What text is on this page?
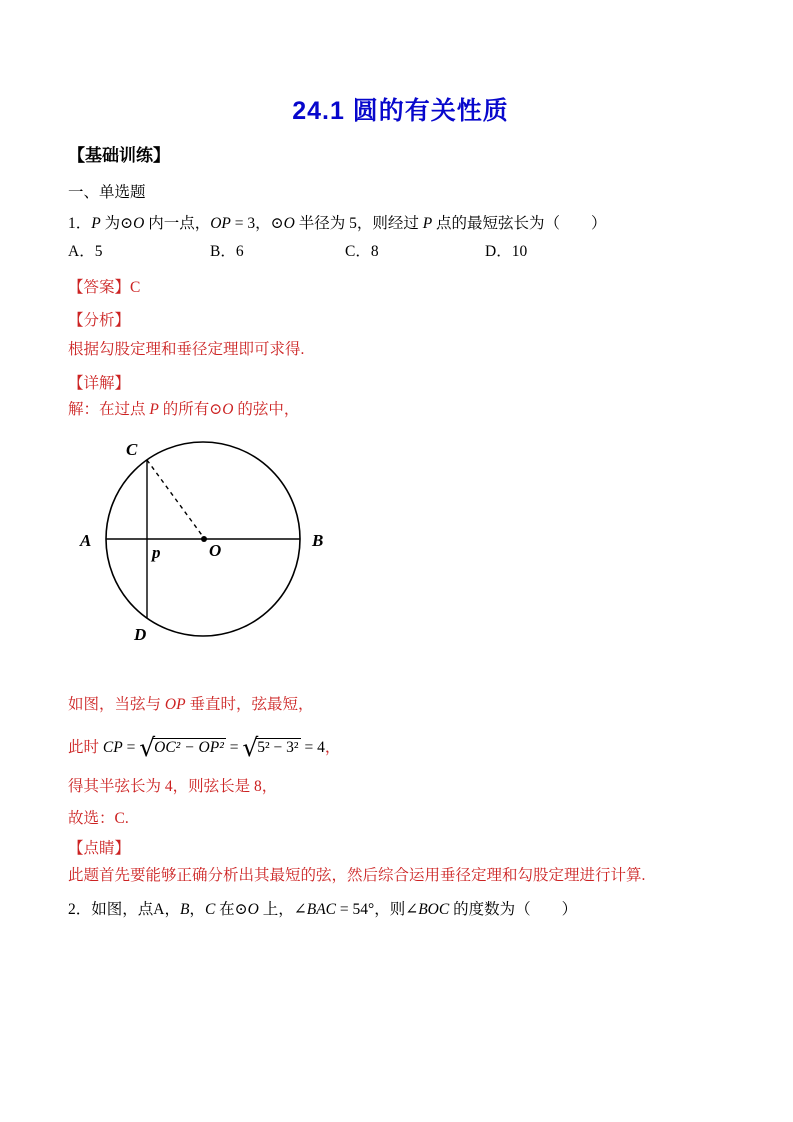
24.1 圆的有关性质
【基础训练】
一、单选题

1．P 为⊙O 内一点，OP = 3，⊙O 半径为 5，则经过 P 点的最短弦长为（　　）

A．5	B．6	C．8	D．10

【答案】C

【分析】

根据勾股定理和垂径定理即可求得.

【详解】

解：在过点 P 的所有⊙O 的弦中，

C
A	B
p	O
D

如图，当弦与 OP 垂直时，弦最短，

此时 CP = √OC² − OP² = √5² − 3² = 4，

得其半弦长为 4，则弦长是 8，

故选：C.

【点睛】

此题首先要能够正确分析出其最短的弦，然后综合运用垂径定理和勾股定理进行计算.

2．如图，点A，B，C 在⊙O 上，∠BAC = 54°，则∠BOC 的度数为（　　）
